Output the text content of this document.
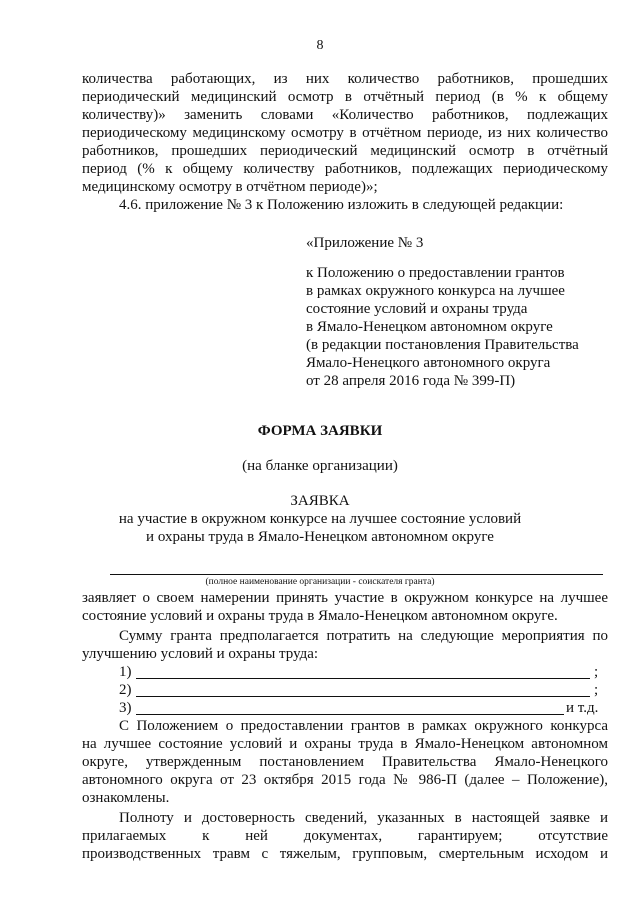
8
количества работающих, из них количество работников, прошедших
периодический медицинский осмотр в отчётный период (в % к общему
количеству)» заменить словами «Количество работников, подлежащих
периодическому медицинскому осмотру в отчётном периоде, из них количество
работников, прошедших периодический медицинский осмотр в отчётный
период (% к общему количеству работников, подлежащих периодическому
медицинскому осмотру в отчётном периоде)»;
4.6. приложение № 3 к Положению изложить в следующей редакции:
«Приложение № 3
к Положению о предоставлении грантов
в рамках окружного конкурса на лучшее
состояние условий и охраны труда
в Ямало-Ненецком автономном округе
(в редакции постановления Правительства
Ямало-Ненецкого автономного округа
от 28 апреля 2016 года № 399-П)
ФОРМА ЗАЯВКИ
(на бланке организации)
ЗАЯВКА
на участие в окружном конкурсе на лучшее состояние условий
и охраны труда в Ямало-Ненецком автономном округе
(полное наименование организации - соискателя гранта)
заявляет о своем намерении принять участие в окружном конкурсе на лучшее
состояние условий и охраны труда в Ямало-Ненецком автономном округе.
Сумму гранта предполагается потратить на следующие мероприятия по
улучшению условий и охраны труда:
1)	;
2)	;
3)	и т.д.
С Положением о предоставлении грантов в рамках окружного конкурса
на лучшее состояние условий и охраны труда в Ямало-Ненецком автономном
округе, утвержденным постановлением Правительства Ямало-Ненецкого
автономного округа от 23 октября 2015 года № 986-П (далее – Положение),
ознакомлены.
Полноту и достоверность сведений, указанных в настоящей заявке и
прилагаемых к ней документах, гарантируем; отсутствие
производственных травм с тяжелым, групповым, смертельным исходом и
